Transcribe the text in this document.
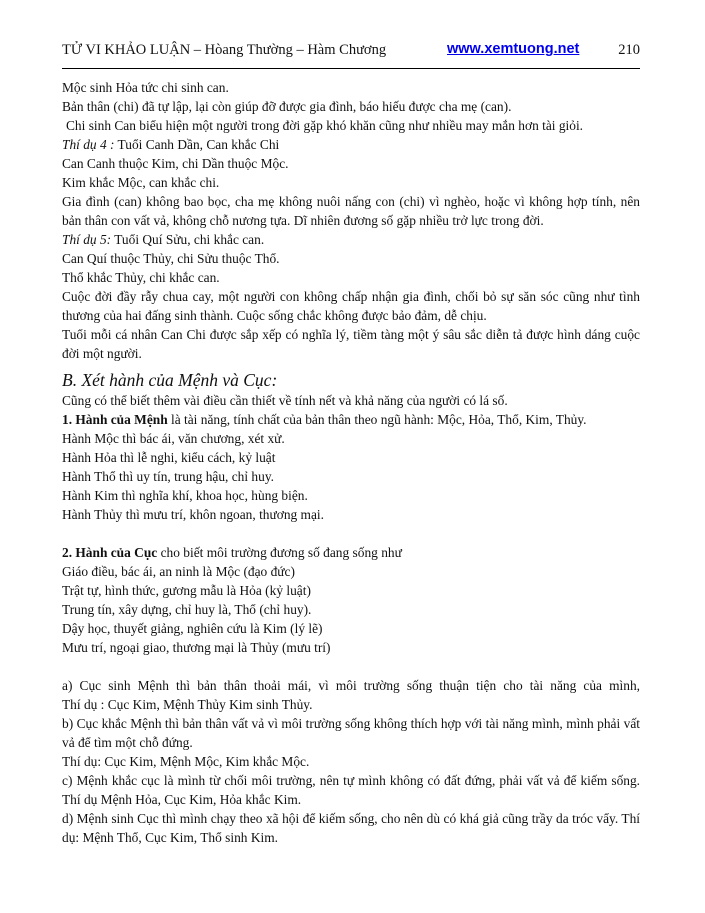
TỬ VI KHẢO LUẬN – Hòang Thường – Hàm Chương	www.xemtuong.net	210
Mộc sinh Hỏa tức chi sinh can.
Bản thân (chi) đã tự lập, lại còn giúp đỡ được gia đình, báo hiếu được cha mẹ (can).
Chi sinh Can biểu hiện một người trong đời gặp khó khăn cũng như nhiều may mắn hơn tài giỏi.
Thí dụ 4 : Tuổi Canh Dần, Can khắc Chi
Can Canh thuộc Kim, chi Dần thuộc Mộc.
Kim khắc Mộc, can khắc chi.
Gia đình (can) không bao bọc, cha mẹ không nuôi nấng con (chi) vì nghèo, hoặc vì không hợp tính, nên bản thân con vất vả, không chỗ nương tựa. Dĩ nhiên đương số gặp nhiều trở lực trong đời.
Thí dụ 5: Tuổi Quí Sửu, chi khắc can.
Can Quí thuộc Thủy, chi Sửu thuộc Thổ.
Thổ khắc Thủy, chi khắc can.
Cuộc đời đầy rẫy chua cay, một người con không chấp nhận gia đình, chối bỏ sự săn sóc cũng như tình thương của hai đấng sinh thành. Cuộc sống chắc không được bảo đảm, dễ chịu.
Tuổi mỗi cá nhân Can Chi được sắp xếp có nghĩa lý, tiềm tàng một ý sâu sắc diễn tả được hình dáng cuộc đời một người.
B. Xét hành của Mệnh và Cục:
Cũng có thể biết thêm vài điều cần thiết về tính nết và khả năng của người có lá số.
1. Hành của Mệnh là tài năng, tính chất của bản thân theo ngũ hành: Mộc, Hỏa, Thổ, Kim, Thủy.
Hành Mộc thì bác ái, văn chương, xét xử.
Hành Hỏa thì lễ nghi, kiểu cách, kỷ luật
Hành Thổ thì uy tín, trung hậu, chỉ huy.
Hành Kim thì nghĩa khí, khoa học, hùng biện.
Hành Thủy thì mưu trí, khôn ngoan, thương mại.
2. Hành của Cục cho biết môi trường đương số đang sống như
Giáo điều, bác ái, an ninh là Mộc (đạo đức)
Trật tự, hình thức, gương mẫu là Hỏa (kỷ luật)
Trung tín, xây dựng, chỉ huy là, Thổ (chỉ huy).
Dậy học, thuyết giảng, nghiên cứu là Kim (lý lẽ)
Mưu trí, ngoại giao, thương mại là Thủy (mưu trí)
a) Cục sinh Mệnh thì bản thân thoải mái, vì môi trường sống thuận tiện cho tài năng của mình,
Thí dụ : Cục Kim, Mệnh Thủy Kim sinh Thủy.
b) Cục khắc Mệnh thì bản thân vất vả vì môi trường sống không thích hợp với tài năng mình, mình phải vất vả để tìm một chỗ đứng.
Thí dụ: Cục Kim, Mệnh Mộc, Kim khắc Mộc.
c) Mệnh khắc cục là mình từ chối môi trường, nên tự mình không có đất đứng, phải vất vả để kiếm sống. Thí dụ Mệnh Hỏa, Cục Kim, Hỏa khắc Kim.
d) Mệnh sinh Cục thì mình chạy theo xã hội để kiếm sống, cho nên dù có khá giả cũng trầy da tróc vẩy. Thí dụ: Mệnh Thổ, Cục Kim, Thổ sinh Kim.
